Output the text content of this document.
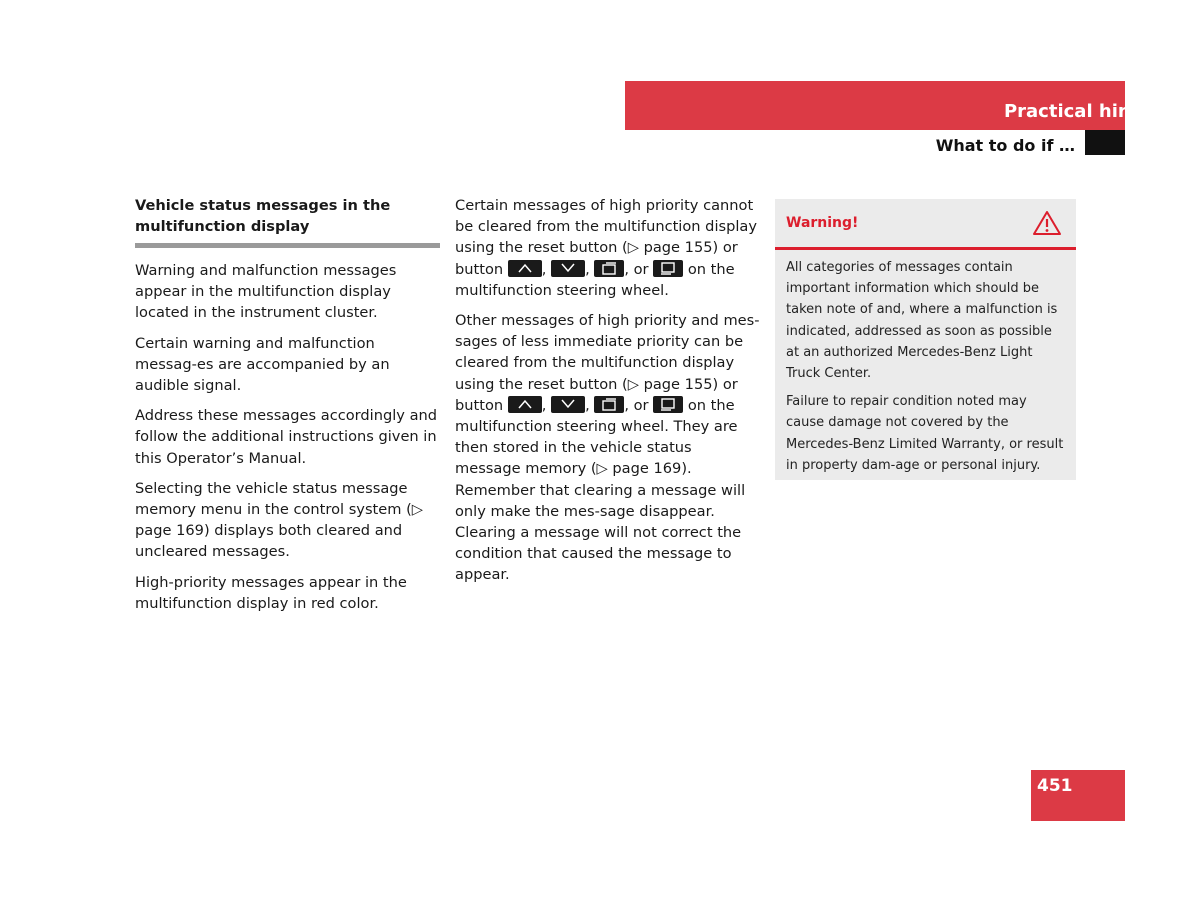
Practical hints
What to do if …
Vehicle status messages in the multifunction display

Warning and malfunction messages appear in the multifunction display located in the instrument cluster.

Certain warning and malfunction messag-es are accompanied by an audible signal.

Address these messages accordingly and follow the additional instructions given in this Operator’s Manual.

Selecting the vehicle status message memory menu in the control system (▷ page 169) displays both cleared and uncleared messages.

High-priority messages appear in the multifunction display in red color.

Certain messages of high priority cannot be cleared from the multifunction display using the reset button (▷ page 155) or button	,	, , or	on the multifunction steering wheel.

Other messages of high priority and mes-sages of less immediate priority can be cleared from the multifunction display using the reset button (▷ page 155) or button	,	, , or	on the multifunction steering wheel. They are then stored in the vehicle status message memory (▷ page 169). Remember that clearing a message will only make the mes-sage disappear. Clearing a message will not correct the condition that caused the message to appear.

Warning!

All categories of messages contain important information which should be taken note of and, where a malfunction is indicated, addressed as soon as possible at an authorized Mercedes-Benz Light Truck Center.

Failure to repair condition noted may cause damage not covered by the Mercedes-Benz Limited Warranty, or result in property dam-age or personal injury.

451
